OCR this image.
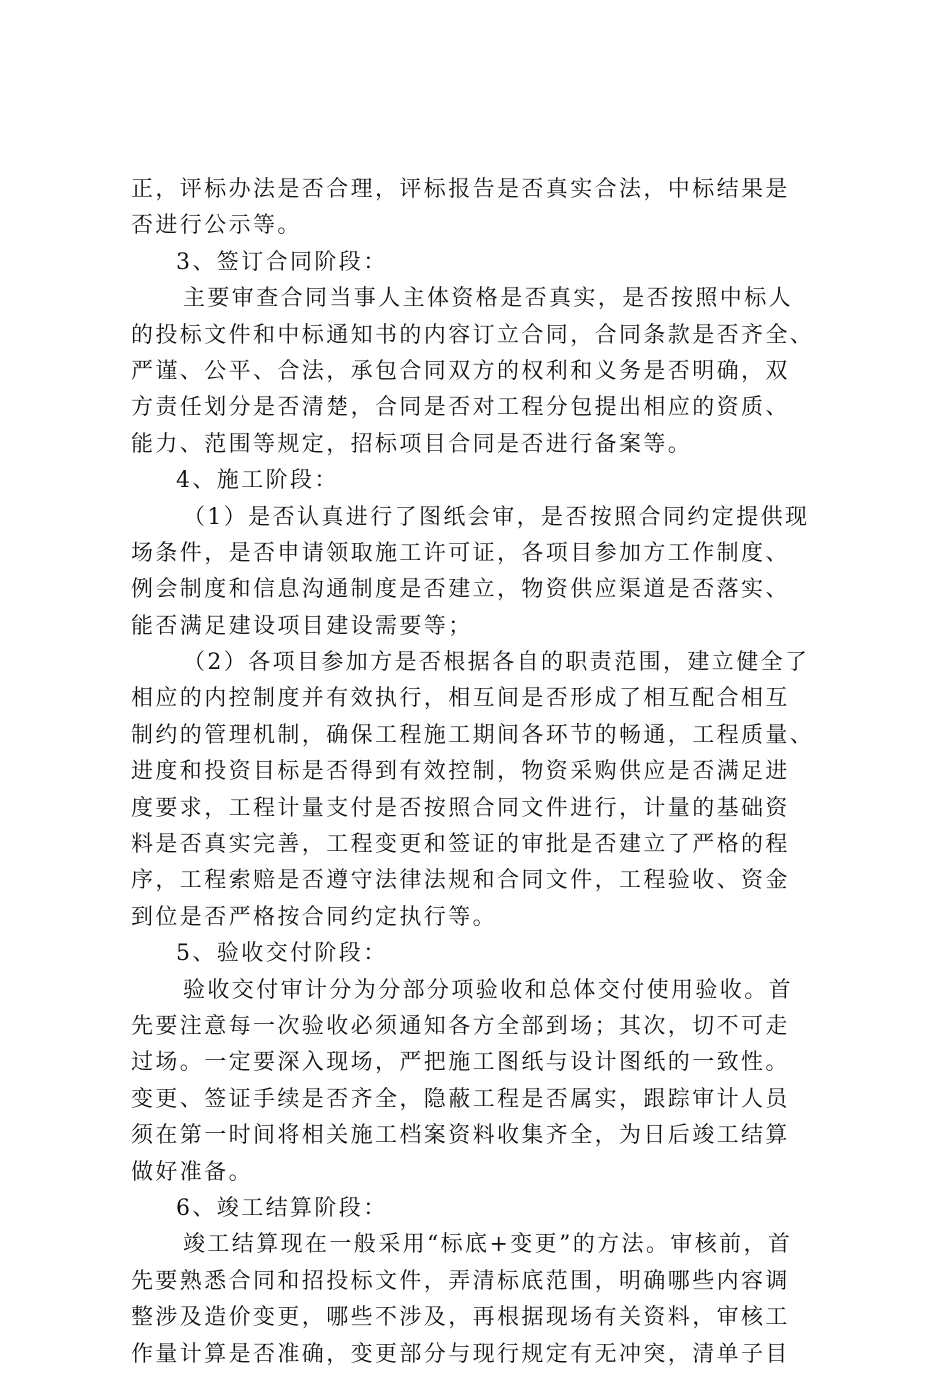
正，评标办法是否合理，评标报告是否真实合法，中标结果是
否进行公示等。
3、签订合同阶段：
主要审查合同当事人主体资格是否真实，是否按照中标人
的投标文件和中标通知书的内容订立合同，合同条款是否齐全、
严谨、公平、合法，承包合同双方的权利和义务是否明确，双
方责任划分是否清楚，合同是否对工程分包提出相应的资质、
能力、范围等规定，招标项目合同是否进行备案等。
4、施工阶段：
（1）是否认真进行了图纸会审，是否按照合同约定提供现
场条件，是否申请领取施工许可证，各项目参加方工作制度、
例会制度和信息沟通制度是否建立，物资供应渠道是否落实、
能否满足建设项目建设需要等；
（2）各项目参加方是否根据各自的职责范围，建立健全了
相应的内控制度并有效执行，相互间是否形成了相互配合相互
制约的管理机制，确保工程施工期间各环节的畅通，工程质量、
进度和投资目标是否得到有效控制，物资采购供应是否满足进
度要求，工程计量支付是否按照合同文件进行，计量的基础资
料是否真实完善，工程变更和签证的审批是否建立了严格的程
序，工程索赔是否遵守法律法规和合同文件，工程验收、资金
到位是否严格按合同约定执行等。
5、验收交付阶段：
验收交付审计分为分部分项验收和总体交付使用验收。首
先要注意每一次验收必须通知各方全部到场；其次，切不可走
过场。一定要深入现场，严把施工图纸与设计图纸的一致性。
变更、签证手续是否齐全，隐蔽工程是否属实，跟踪审计人员
须在第一时间将相关施工档案资料收集齐全，为日后竣工结算
做好准备。
6、竣工结算阶段：
竣工结算现在一般采用“标底+变更”的方法。审核前，首
先要熟悉合同和招投标文件，弄清标底范围，明确哪些内容调
整涉及造价变更，哪些不涉及，再根据现场有关资料，审核工
作量计算是否准确，变更部分与现行规定有无冲突，清单子目
